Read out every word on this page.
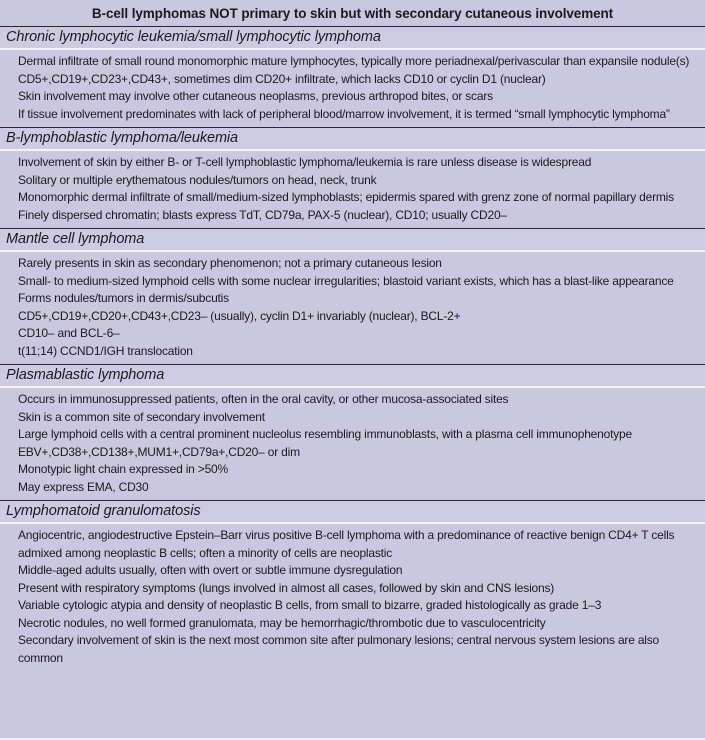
B-cell lymphomas NOT primary to skin but with secondary cutaneous involvement
Chronic lymphocytic leukemia/small lymphocytic lymphoma
Dermal infiltrate of small round monomorphic mature lymphocytes, typically more periadnexal/perivascular than expansile nodule(s)
CD5+,CD19+,CD23+,CD43+, sometimes dim CD20+ infiltrate, which lacks CD10 or cyclin D1 (nuclear)
Skin involvement may involve other cutaneous neoplasms, previous arthropod bites, or scars
If tissue involvement predominates with lack of peripheral blood/marrow involvement, it is termed “small lymphocytic lymphoma”
B-lymphoblastic lymphoma/leukemia
Involvement of skin by either B- or T-cell lymphoblastic lymphoma/leukemia is rare unless disease is widespread
Solitary or multiple erythematous nodules/tumors on head, neck, trunk
Monomorphic dermal infiltrate of small/medium-sized lymphoblasts; epidermis spared with grenz zone of normal papillary dermis
Finely dispersed chromatin; blasts express TdT, CD79a, PAX-5 (nuclear), CD10; usually CD20–
Mantle cell lymphoma
Rarely presents in skin as secondary phenomenon; not a primary cutaneous lesion
Small- to medium-sized lymphoid cells with some nuclear irregularities; blastoid variant exists, which has a blast-like appearance
Forms nodules/tumors in dermis/subcutis
CD5+,CD19+,CD20+,CD43+,CD23– (usually), cyclin D1+ invariably (nuclear), BCL-2+
CD10– and BCL-6–
t(11;14) CCND1/IGH translocation
Plasmablastic lymphoma
Occurs in immunosuppressed patients, often in the oral cavity, or other mucosa-associated sites
Skin is a common site of secondary involvement
Large lymphoid cells with a central prominent nucleolus resembling immunoblasts, with a plasma cell immunophenotype
EBV+,CD38+,CD138+,MUM1+,CD79a+,CD20– or dim
Monotypic light chain expressed in >50%
May express EMA, CD30
Lymphomatoid granulomatosis
Angiocentric, angiodestructive Epstein–Barr virus positive B-cell lymphoma with a predominance of reactive benign CD4+ T cells admixed among neoplastic B cells; often a minority of cells are neoplastic
Middle-aged adults usually, often with overt or subtle immune dysregulation
Present with respiratory symptoms (lungs involved in almost all cases, followed by skin and CNS lesions)
Variable cytologic atypia and density of neoplastic B cells, from small to bizarre, graded histologically as grade 1–3
Necrotic nodules, no well formed granulomata, may be hemorrhagic/thrombotic due to vasculocentricity
Secondary involvement of skin is the next most common site after pulmonary lesions; central nervous system lesions are also common
